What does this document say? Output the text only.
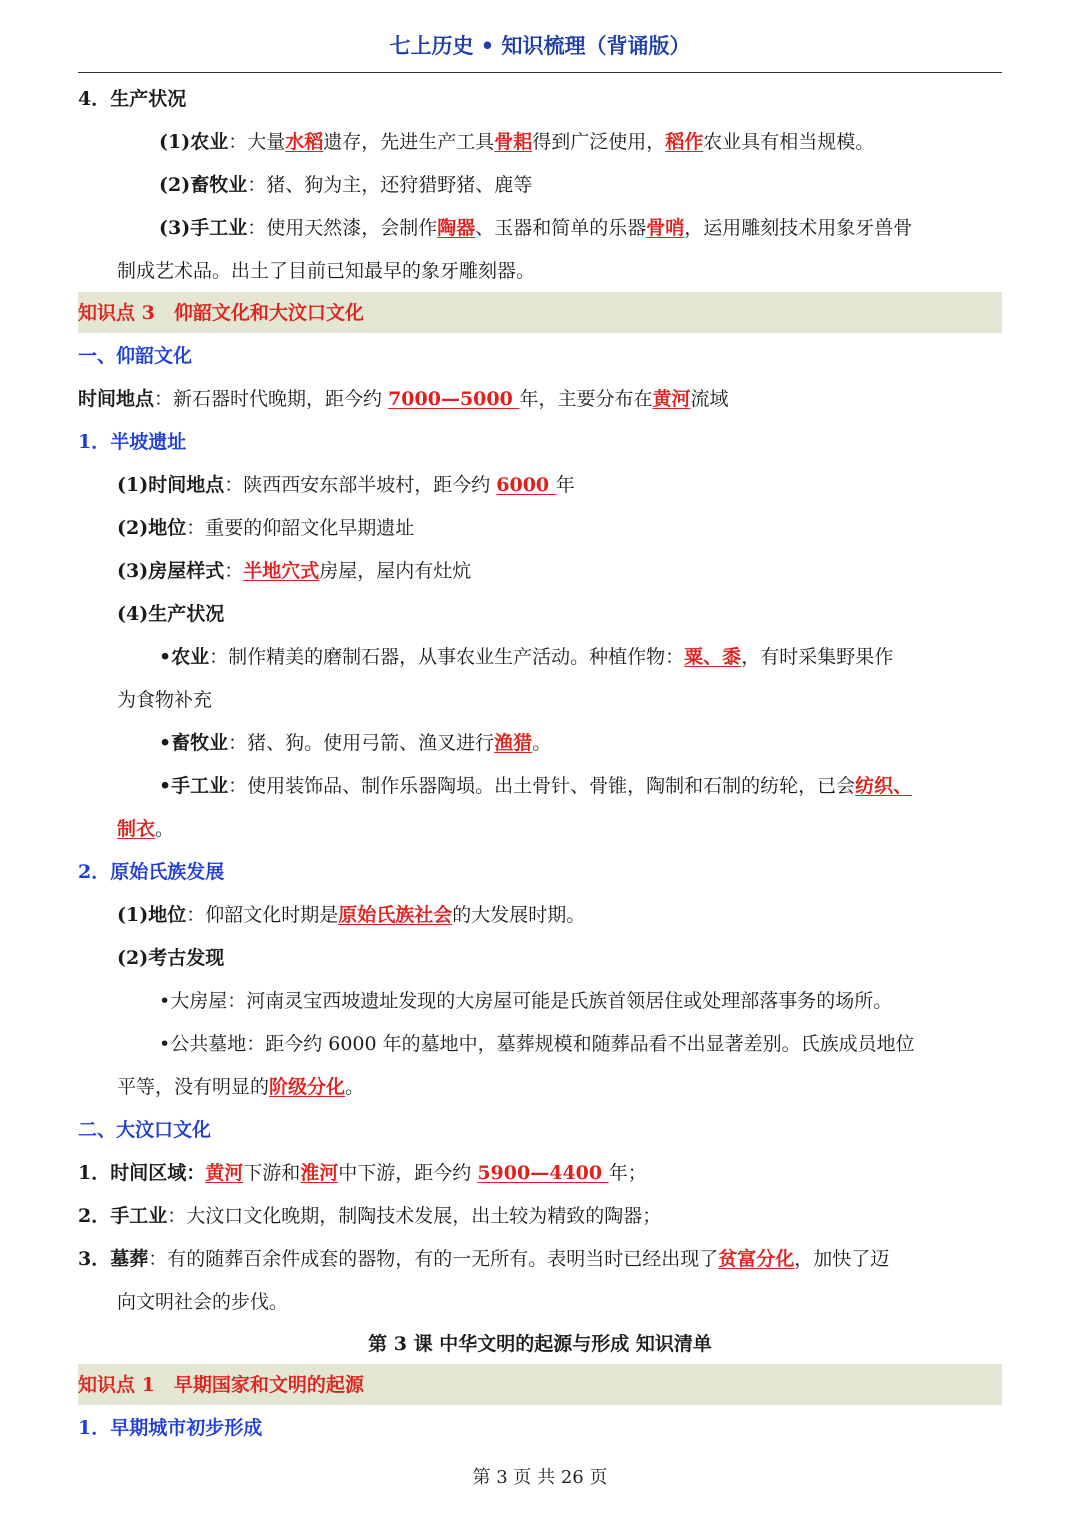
七上历史 • 知识梳理（背诵版）
4．生产状况
(1)农业：大量水稻遗存，先进生产工具骨耜得到广泛使用，稻作农业具有相当规模。
(2)畜牧业：猪、狗为主，还狩猎野猪、鹿等
(3)手工业：使用天然漆，会制作陶器、玉器和简单的乐器骨哨，运用雕刻技术用象牙兽骨
制成艺术品。出土了目前已知最早的象牙雕刻器。
知识点 3　仰韶文化和大汶口文化
一、仰韶文化
时间地点：新石器时代晚期，距今约 7000—5000 年，主要分布在黄河流域
1．半坡遗址
(1)时间地点：陕西西安东部半坡村，距今约 6000 年
(2)地位：重要的仰韶文化早期遗址
(3)房屋样式：半地穴式房屋，屋内有灶炕
(4)生产状况
•农业：制作精美的磨制石器，从事农业生产活动。种植作物：粟、黍，有时采集野果作
为食物补充
•畜牧业：猪、狗。使用弓箭、渔叉进行渔猎。
•手工业：使用装饰品、制作乐器陶埙。出土骨针、骨锥，陶制和石制的纺轮，已会纺织、
制衣。
2．原始氏族发展
(1)地位：仰韶文化时期是原始氏族社会的大发展时期。
(2)考古发现
•大房屋：河南灵宝西坡遗址发现的大房屋可能是氏族首领居住或处理部落事务的场所。
•公共墓地：距今约 6000 年的墓地中，墓葬规模和随葬品看不出显著差别。氏族成员地位
平等，没有明显的阶级分化。
二、大汶口文化
1．时间区域：黄河下游和淮河中下游，距今约 5900—4400 年；
2．手工业：大汶口文化晚期，制陶技术发展，出土较为精致的陶器；
3．墓葬：有的随葬百余件成套的器物，有的一无所有。表明当时已经出现了贫富分化，加快了迈
向文明社会的步伐。
第 3 课 中华文明的起源与形成 知识清单
知识点 1　早期国家和文明的起源
1．早期城市初步形成
第 3 页 共 26 页
